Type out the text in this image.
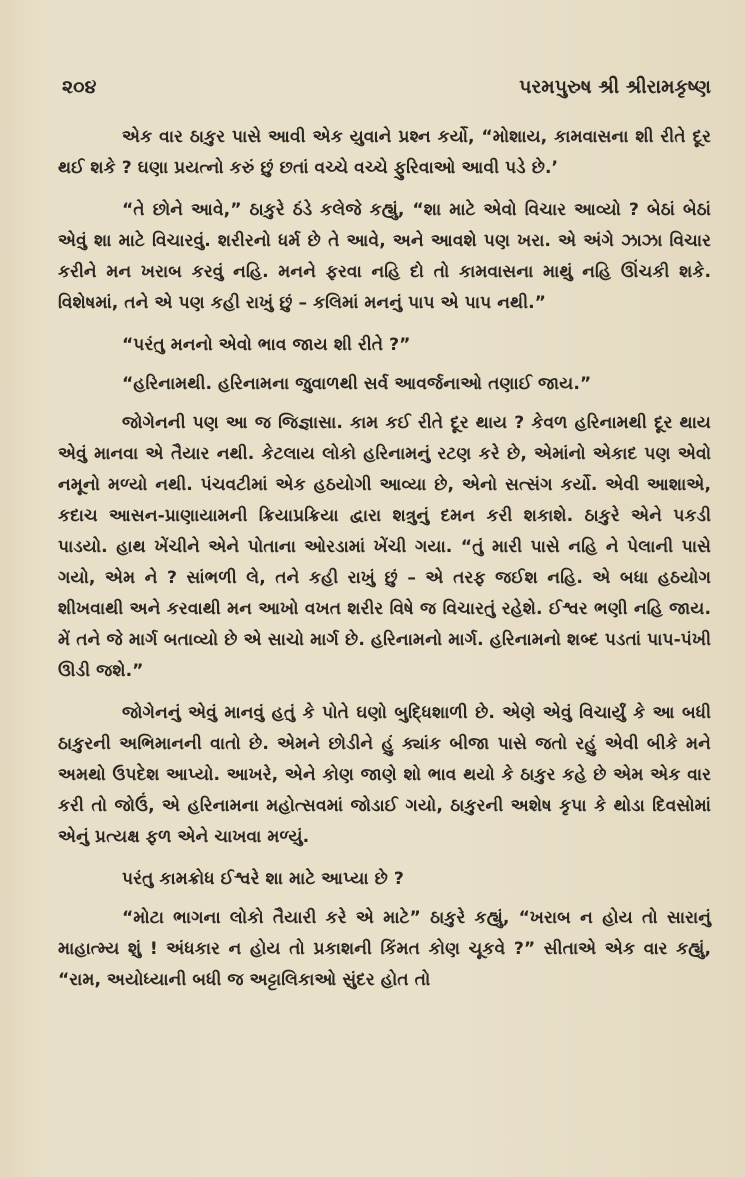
૨૦૪	પરમપુરુષ શ્રી શ્રીરામકૃષ્ણ

એક વાર ઠાકુર પાસે આવી એક યુવાને પ્રશ્ન કર્યો, “મોશાય, કામવાસના શી રીતે દૂર થઈ શકે ? ઘણા પ્રયત્નો કરું છું છતાં વચ્ચે વચ્ચે ફુરિવાઓ આવી પડે છે.’

“તે છોને આવે,” ઠાકુરે ઠંડે કલેજે કહ્યું, “શા માટે એવો વિચાર આવ્યો ? બેઠાં બેઠાં એવું શા માટે વિચારવું. શરીરનો ધર્મ છે તે આવે, અને આવશે પણ ખરા. એ અંગે ઝાઝા વિચાર કરીને મન ખરાબ કરવું નહિ. મનને ફરવા નહિ દો તો કામવાસના માથું નહિ ઊંચકી શકે. વિશેષમાં, તને એ પણ કહી રાખું છું – કલિમાં મનનું પાપ એ પાપ નથી.”

“પરંતુ મનનો એવો ભાવ જાય શી રીતે ?”

“હરિનામથી. હરિનામના જુવાળથી સર્વ આવર્જનાઓ તણાઈ જાય.”

જોગેનની પણ આ જ જિજ્ઞાસા. કામ કઈ રીતે દૂર થાય ? કેવળ હરિનામથી દૂર થાય એવું માનવા એ તૈયાર નથી. કેટલાય લોકો હરિનામનું રટણ કરે છે, એમાંનો એકાદ પણ એવો નમૂનો મળ્યો નથી. પંચવટીમાં એક હઠયોગી આવ્યા છે, એનો સત્સંગ કર્યો. એવી આશાએ, કદાચ આસન-પ્રાણાયામની ક્રિયાપ્રક્રિયા દ્વારા શત્રુનું દમન કરી શકાશે. ઠાકુરે એને પકડી પાડયો. હાથ ખેંચીને એને પોતાના ઓરડામાં ખેંચી ગયા. “તું મારી પાસે નહિ ને પેલાની પાસે ગયો, એમ ને ? સાંભળી લે, તને કહી રાખું છું – એ તરફ જઈશ નહિ. એ બધા હઠયોગ શીખવાથી અને કરવાથી મન આખો વખત શરીર વિષે જ વિચારતું રહેશે. ઈશ્વર ભણી નહિ જાય. મેં તને જે માર્ગ બતાવ્યો છે એ સાચો માર્ગ છે. હરિનામનો માર્ગ. હરિનામનો શબ્દ પડતાં પાપ-પંખી ઊડી જશે.”

જોગેનનું એવું માનવું હતું કે પોતે ઘણો બુદ્ધિશાળી છે. એણે એવું વિચાર્યું કે આ બધી ઠાકુરની અભિમાનની વાતો છે. એમને છોડીને હું ક્યાંક બીજા પાસે જતો રહું એવી બીકે મને અમથો ઉપદેશ આપ્યો. આખરે, એને કોણ જાણે શો ભાવ થયો કે ઠાકુર કહે છે એમ એક વાર કરી તો જોઉં, એ હરિનામના મહોત્સવમાં જોડાઈ ગયો, ઠાકુરની અશેષ કૃપા કે થોડા દિવસોમાં એનું પ્રત્યક્ષ ફળ એને ચાખવા મળ્યું.

પરંતુ કામક્રોધ ઈશ્વરે શા માટે આપ્યા છે ?

“મોટા ભાગના લોકો તૈયારી કરે એ માટે” ઠાકુરે કહ્યું, “ખરાબ ન હોય તો સારાનું માહાત્મ્ય શું ! અંધકાર ન હોય તો પ્રકાશની કિંમત કોણ ચૂકવે ?” સીતાએ એક વાર કહ્યું, “રામ, અયોધ્યાની બધી જ અટ્ટાલિકાઓ સુંદર હોત તો
